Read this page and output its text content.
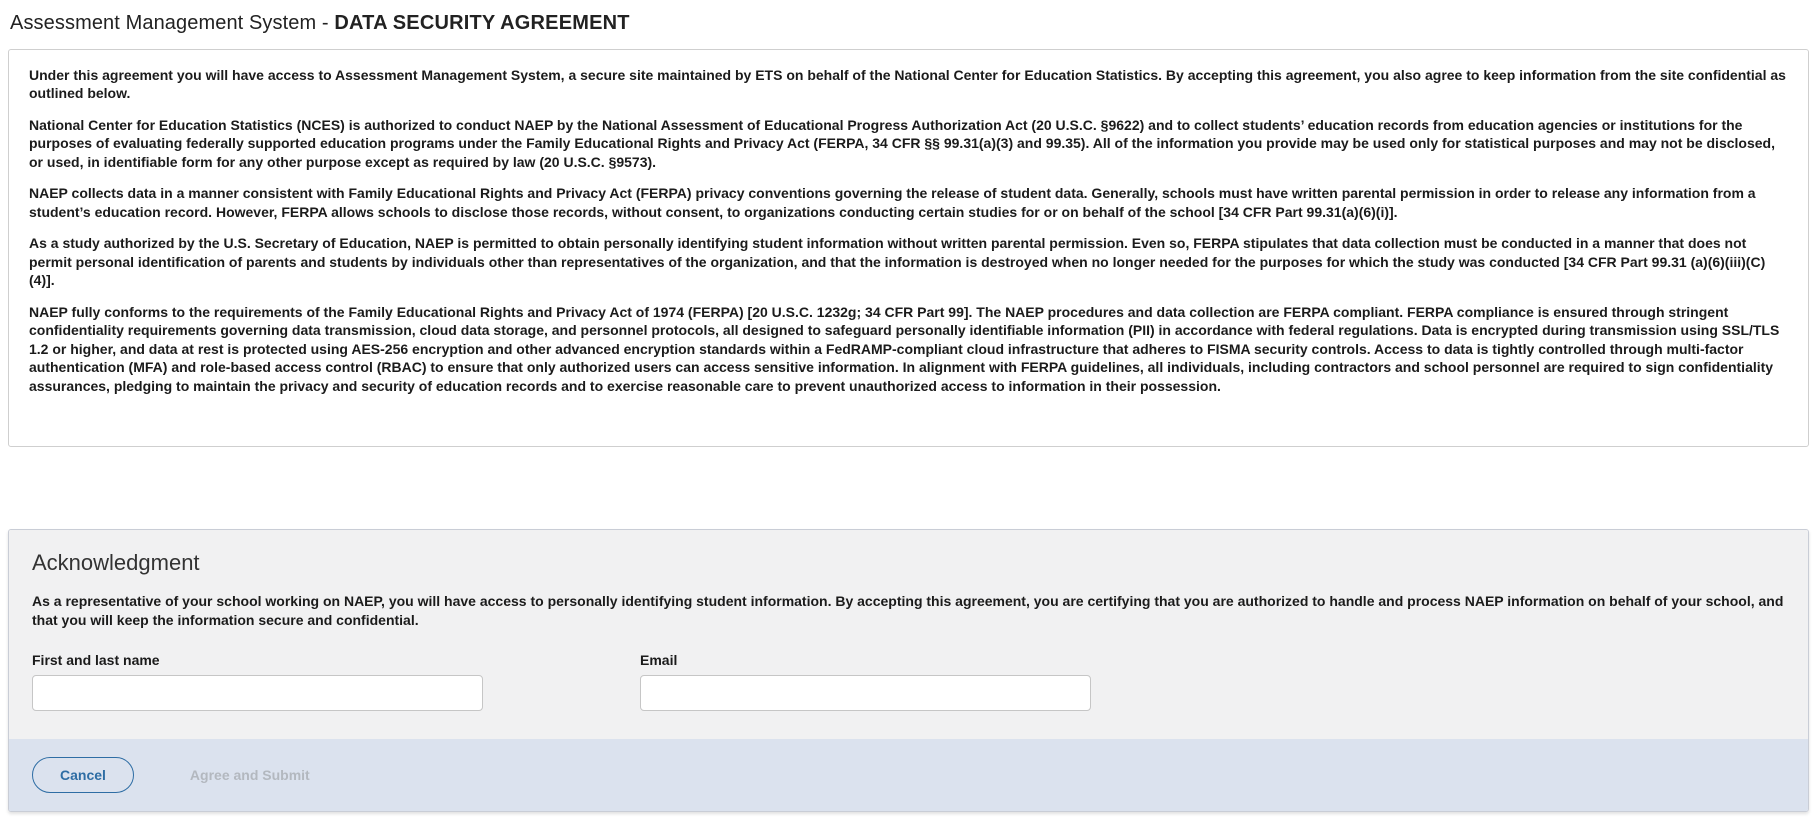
Assessment Management System - DATA SECURITY AGREEMENT

Under this agreement you will have access to Assessment Management System, a secure site maintained by ETS on behalf of the National Center for Education Statistics. By accepting this agreement, you also agree to keep information from the site confidential as outlined below.

National Center for Education Statistics (NCES) is authorized to conduct NAEP by the National Assessment of Educational Progress Authorization Act (20 U.S.C. §9622) and to collect students’ education records from education agencies or institutions for the purposes of evaluating federally supported education programs under the Family Educational Rights and Privacy Act (FERPA, 34 CFR §§ 99.31(a)(3) and 99.35). All of the information you provide may be used only for statistical purposes and may not be disclosed, or used, in identifiable form for any other purpose except as required by law (20 U.S.C. §9573).

NAEP collects data in a manner consistent with Family Educational Rights and Privacy Act (FERPA) privacy conventions governing the release of student data. Generally, schools must have written parental permission in order to release any information from a student’s education record. However, FERPA allows schools to disclose those records, without consent, to organizations conducting certain studies for or on behalf of the school [34 CFR Part 99.31(a)(6)(i)].

As a study authorized by the U.S. Secretary of Education, NAEP is permitted to obtain personally identifying student information without written parental permission. Even so, FERPA stipulates that data collection must be conducted in a manner that does not permit personal identification of parents and students by individuals other than representatives of the organization, and that the information is destroyed when no longer needed for the purposes for which the study was conducted [34 CFR Part 99.31 (a)(6)(iii)(C) (4)].

NAEP fully conforms to the requirements of the Family Educational Rights and Privacy Act of 1974 (FERPA) [20 U.S.C. 1232g; 34 CFR Part 99]. The NAEP procedures and data collection are FERPA compliant. FERPA compliance is ensured through stringent confidentiality requirements governing data transmission, cloud data storage, and personnel protocols, all designed to safeguard personally identifiable information (PII) in accordance with federal regulations. Data is encrypted during transmission using SSL/TLS 1.2 or higher, and data at rest is protected using AES-256 encryption and other advanced encryption standards within a FedRAMP-compliant cloud infrastructure that adheres to FISMA security controls. Access to data is tightly controlled through multi-factor authentication (MFA) and role-based access control (RBAC) to ensure that only authorized users can access sensitive information. In alignment with FERPA guidelines, all individuals, including contractors and school personnel are required to sign confidentiality assurances, pledging to maintain the privacy and security of education records and to exercise reasonable care to prevent unauthorized access to information in their possession.

Acknowledgment

As a representative of your school working on NAEP, you will have access to personally identifying student information. By accepting this agreement, you are certifying that you are authorized to handle and process NAEP information on behalf of your school, and that you will keep the information secure and confidential.

First and last name	Email
Cancel	Agree and Submit
